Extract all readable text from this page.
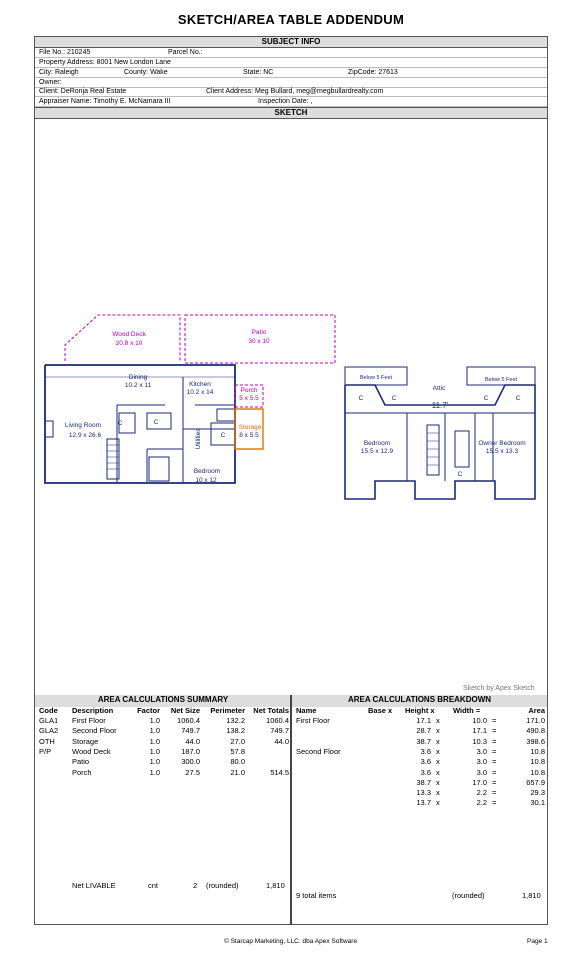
SKETCH/AREA TABLE ADDENDUM
SUBJECT INFO
File No.: 210245	Parcel No.:
Property Address: 8001 New London Lane
City: Raleigh	County: Wake	State: NC	ZipCode: 27613
Owner:
Client: DeRonja Real Estate	Client Address: Meg Bullard, meg@megbullardrealty.com
Appraiser Name: Timothy E. McNamara III	Inspection Date: ,
SKETCH
Wood Deck
20.8 x 10
Patio
30 x 10
Dining
10.2 x 11	Kitchen
10.2 x 14	Porch
5 x 5.5
Storage
8 x 5.5
Living Room
12.9 x 26.6
Bedroom
10 x 12
Utilities
C	C
C
Below 5 Feet	Below 5 Feet
Attic
11.7'
Bedroom
15.5 x 12.9
Owner Bedroom
15.5 x 13.3
C	C	C	C
C
Sketch by Apex Sketch
AREA CALCULATIONS SUMMARY	AREA CALCULATIONS BREAKDOWN
Code Description	Factor Net Size Perimeter Net Totals
GLA1 First Floor	1.0 1060.4	132.2	1060.4
GLA2 Second Floor	1.0	749.7	138.2	749.7
OTH Storage	1.0	44.0	27.0	44.0
P/P	Wood Deck	1.0	187.0	57.8
Patio	1.0	300.0	80.0
Porch	1.0	27.5	21.0	514.5
Name	Base x Height x Width =	Area
First Floor	17.1 x	10.0 =	171.0
28.7 x	17.1 =	490.8
38.7 x	10.3 =	398.6
Second Floor	3.6 x	3.0 =	10.8
3.6 x	3.0 =	10.8
3.6 x	3.0 =	10.8
38.7 x	17.0 =	657.9
13.3 x	2.2 =	29.3
13.7 x	2.2 =	30.1
Net LIVABLE	cnt	2 (rounded)	1,810
9 total items	(rounded)	1,810
© Starcap Marketing, LLC. dba Apex Software	Page 1
